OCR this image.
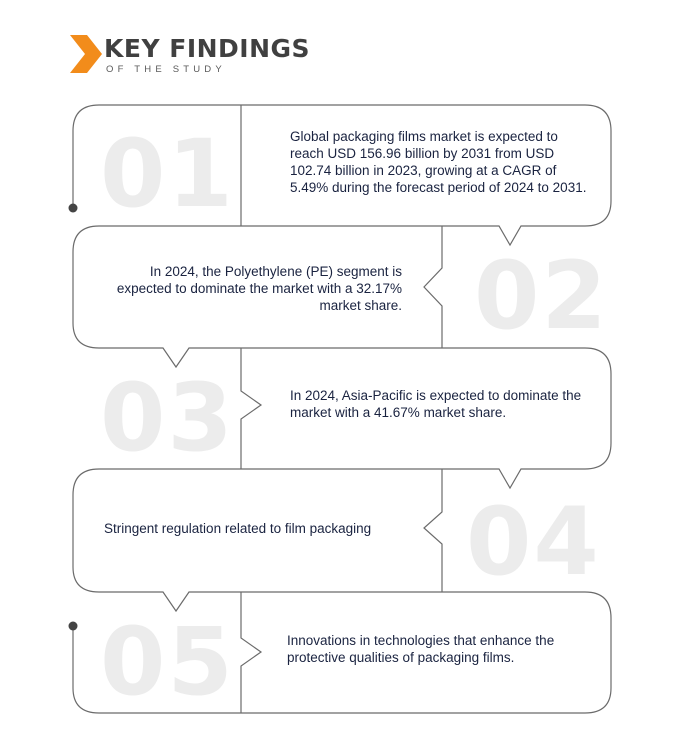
KEY FINDINGS
OF THE STUDY
01
02
03
04
05
Global packaging films market is expected to reach USD 156.96 billion by 2031 from USD 102.74 billion in 2023, growing at a CAGR of 5.49% during the forecast period of 2024 to 2031.
In 2024, the Polyethylene (PE) segment is expected to dominate the market with a 32.17% market share.
In 2024, Asia-Pacific is expected to dominate the market with a 41.67% market share.
Stringent regulation related to film packaging
Innovations in technologies that enhance the protective qualities of packaging films.
